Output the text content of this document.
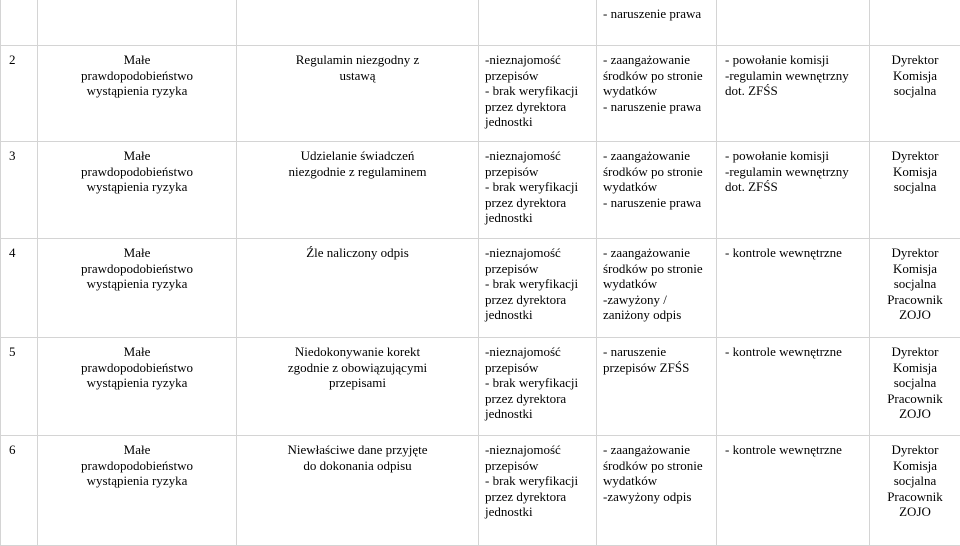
				- naruszenie prawa		
2	Małe
prawdopodobieństwo
wystąpienia ryzyka	Regulamin niezgodny z
ustawą	-nieznajomość
przepisów
- brak weryfikacji
przez dyrektora
jednostki	- zaangażowanie
środków po stronie
wydatków
- naruszenie prawa	- powołanie komisji
-regulamin wewnętrzny
dot. ZFŚS	Dyrektor
Komisja
socjalna
3	Małe
prawdopodobieństwo
wystąpienia ryzyka	Udzielanie świadczeń
niezgodnie z regulaminem	-nieznajomość
przepisów
- brak weryfikacji
przez dyrektora
jednostki	- zaangażowanie
środków po stronie
wydatków
- naruszenie prawa	- powołanie komisji
-regulamin wewnętrzny
dot. ZFŚS	Dyrektor
Komisja
socjalna
4	Małe
prawdopodobieństwo
wystąpienia ryzyka	Źle naliczony odpis	-nieznajomość
przepisów
- brak weryfikacji
przez dyrektora
jednostki	- zaangażowanie
środków po stronie
wydatków
-zawyżony /
zaniżony odpis	- kontrole wewnętrzne	Dyrektor
Komisja
socjalna
Pracownik
ZOJO
5	Małe
prawdopodobieństwo
wystąpienia ryzyka	Niedokonywanie korekt
zgodnie z obowiązującymi
przepisami	-nieznajomość
przepisów
- brak weryfikacji
przez dyrektora
jednostki	- naruszenie
przepisów ZFŚS	- kontrole wewnętrzne	Dyrektor
Komisja
socjalna
Pracownik
ZOJO
6	Małe
prawdopodobieństwo
wystąpienia ryzyka	Niewłaściwe dane przyjęte
do dokonania odpisu	-nieznajomość
przepisów
- brak weryfikacji
przez dyrektora
jednostki	- zaangażowanie
środków po stronie
wydatków
-zawyżony odpis	- kontrole wewnętrzne	Dyrektor
Komisja
socjalna
Pracownik
ZOJO
